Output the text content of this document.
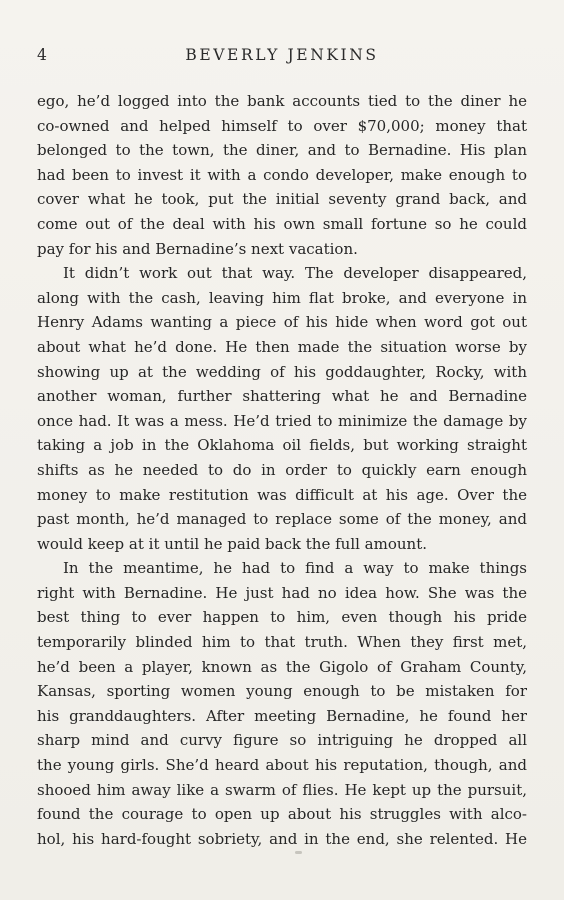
4	BEVERLY JENKINS
ego, he’d logged into the bank accounts tied to the diner he
co-owned and helped himself to over $70,000; money that
belonged to the town, the diner, and to Bernadine. His plan
had been to invest it with a condo developer, make enough to
cover what he took, put the initial seventy grand back, and
come out of the deal with his own small fortune so he could
pay for his and Bernadine’s next vacation.
It didn’t work out that way. The developer disappeared,
along with the cash, leaving him flat broke, and everyone in
Henry Adams wanting a piece of his hide when word got out
about what he’d done. He then made the situation worse by
showing up at the wedding of his goddaughter, Rocky, with
another woman, further shattering what he and Bernadine
once had. It was a mess. He’d tried to minimize the damage by
taking a job in the Oklahoma oil fields, but working straight
shifts as he needed to do in order to quickly earn enough
money to make restitution was difficult at his age. Over the
past month, he’d managed to replace some of the money, and
would keep at it until he paid back the full amount.
In the meantime, he had to find a way to make things
right with Bernadine. He just had no idea how. She was the
best thing to ever happen to him, even though his pride
temporarily blinded him to that truth. When they first met,
he’d been a player, known as the Gigolo of Graham County,
Kansas, sporting women young enough to be mistaken for
his granddaughters. After meeting Bernadine, he found her
sharp mind and curvy figure so intriguing he dropped all
the young girls. She’d heard about his reputation, though, and
shooed him away like a swarm of flies. He kept up the pursuit,
found the courage to open up about his struggles with alco-
hol, his hard-fought sobriety, and in the end, she relented. He
